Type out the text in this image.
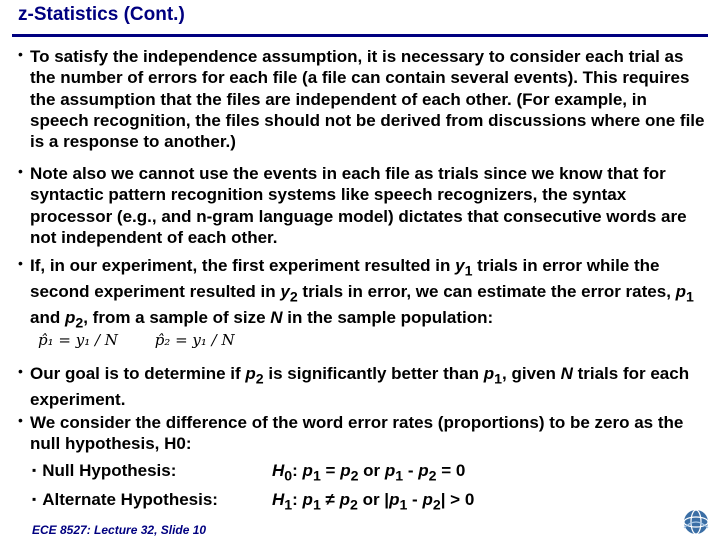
z-Statistics (Cont.)
• To satisfy the independence assumption, it is necessary to consider each trial as the number of errors for each file (a file can contain several events). This requires the assumption that the files are independent of each other. (For example, in speech recognition, the files should not be derived from discussions where one file is a response to another.)
• Note also we cannot use the events in each file as trials since we know that for syntactic pattern recognition systems like speech recognizers, the syntax processor (e.g., and n-gram language model) dictates that consecutive words are not independent of each other.
• If, in our experiment, the first experiment resulted in $y_1$ trials in error while the second experiment resulted in $y_2$ trials in error, we can estimate the error rates, $p_1$ and $p_2$, from a sample of size N in the sample population:
p̂₁ = y₁ / N p̂₂ = y₁ / N
• Our goal is to determine if $p_2$ is significantly better than $p_1$, given N trials for each experiment.
• We consider the difference of the word error rates (proportions) to be zero as the null hypothesis, H0:
▪ Null Hypothesis:	$H_0$: $p_1 = p_2$ or $p_1 - p_2 = 0$
▪ Alternate Hypothesis:	$H_1$: $p_1 \ne p_2$ or $|p_1 - p_2| > 0$
ECE 8527: Lecture 32, Slide 10
